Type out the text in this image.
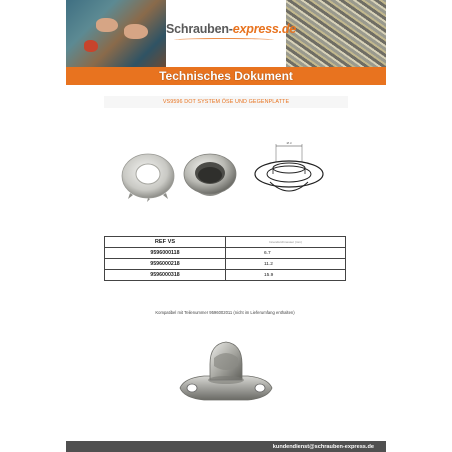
Schrauben-express.de
Technisches Dokument
VS9596 DOT SYSTEM ÖSE UND GEGENPLATTE
Ø d
REF VS	Innendurchmesser (mm)
9596000118	6.7
9596000218	11.2
9596000318	15.9
Kompatibel mit Teilenummer 9596002011 (nicht im Lieferumfang enthalten)
kundendienst@schrauben-express.de
